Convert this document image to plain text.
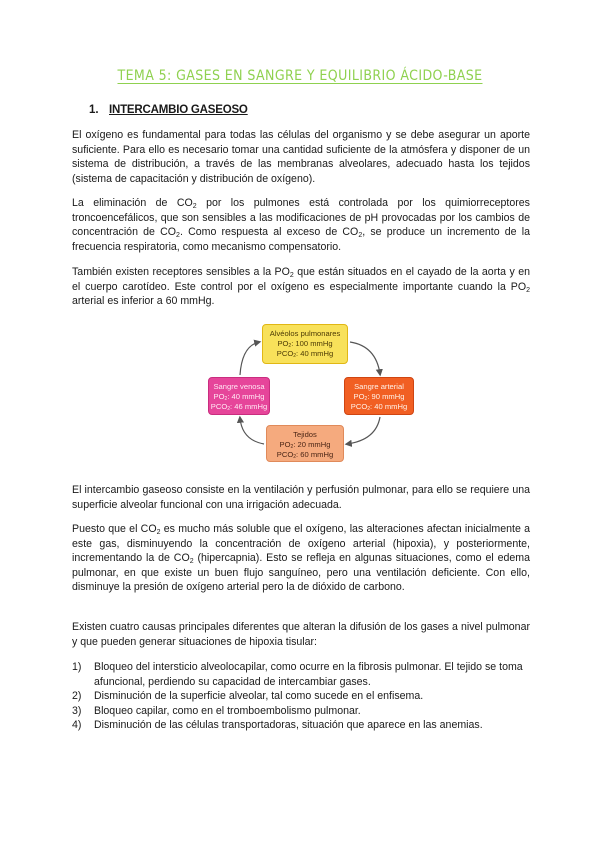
TEMA 5: GASES EN SANGRE Y EQUILIBRIO ÁCIDO-BASE
1. INTERCAMBIO GASEOSO

El oxígeno es fundamental para todas las células del organismo y se debe asegurar un aporte suficiente. Para ello es necesario tomar una cantidad suficiente de la atmósfera y disponer de un sistema de distribución, a través de las membranas alveolares, adecuado hasta los tejidos (sistema de capacitación y distribución de oxígeno).

La eliminación de $CO_2$ por los pulmones está controlada por los quimiorreceptores troncoencefálicos, que son sensibles a las modificaciones de pH provocadas por los cambios de concentración de $CO_2$. Como respuesta al exceso de $CO_2$, se produce un incremento de la frecuencia respiratoria, como mecanismo compensatorio.

También existen receptores sensibles a la $PO_2$ que están situados en el cayado de la aorta y en el cuerpo carotídeo. Este control por el oxígeno es especialmente importante cuando la $PO_2$ arterial es inferior a 60 mmHg.

Alvéolos pulmonares
$PO_2$: 100 mmHg
$PCO_2$: 40 mmHg
Sangre arterial
$PO_2$: 90 mmHg
$PCO_2$: 40 mmHg
Tejidos
$PO_2$: 20 mmHg
$PCO_2$: 60 mmHg
Sangre venosa
$PO_2$: 40 mmHg
$PCO_2$: 46 mmHg

El intercambio gaseoso consiste en la ventilación y perfusión pulmonar, para ello se requiere una superficie alveolar funcional con una irrigación adecuada.

Puesto que el $CO_2$ es mucho más soluble que el oxígeno, las alteraciones afectan inicialmente a este gas, disminuyendo la concentración de oxígeno arterial (hipoxia), y posteriormente, incrementando la de $CO_2$ (hipercapnia). Esto se refleja en algunas situaciones, como el edema pulmonar, en que existe un buen flujo sanguíneo, pero una ventilación deficiente. Con ello, disminuye la presión de oxígeno arterial pero la de dióxido de carbono.

Existen cuatro causas principales diferentes que alteran la difusión de los gases a nivel pulmonar y que pueden generar situaciones de hipoxia tisular:

1) Bloqueo del intersticio alveolocapilar, como ocurre en la fibrosis pulmonar. El tejido se toma afuncional, perdiendo su capacidad de intercambiar gases.
2) Disminución de la superficie alveolar, tal como sucede en el enfisema.
3) Bloqueo capilar, como en el tromboembolismo pulmonar.
4) Disminución de las células transportadoras, situación que aparece en las anemias.
